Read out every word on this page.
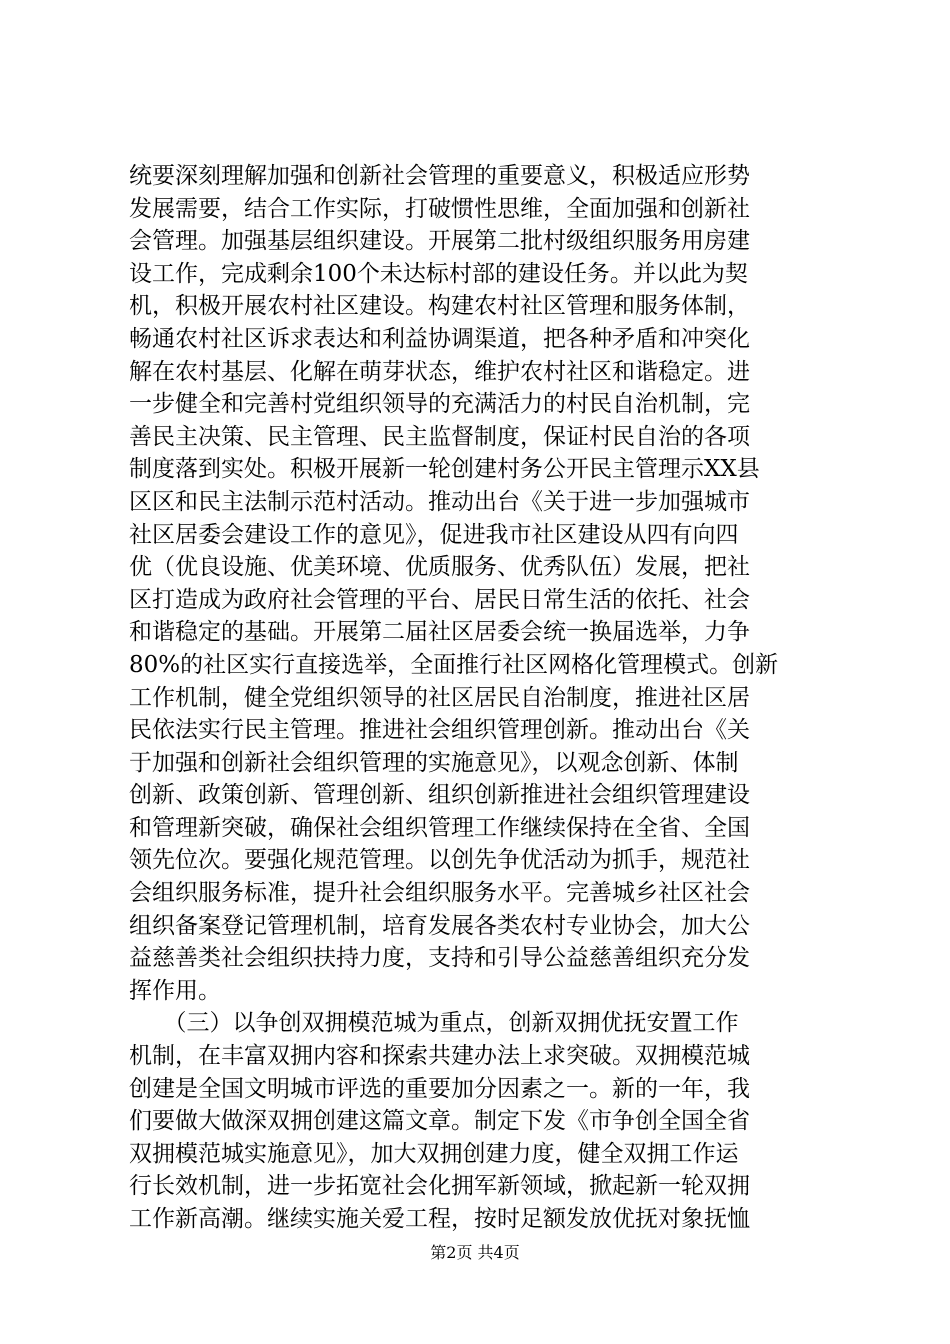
统要深刻理解加强和创新社会管理的重要意义，积极适应形势
发展需要，结合工作实际，打破惯性思维，全面加强和创新社
会管理。加强基层组织建设。开展第二批村级组织服务用房建
设工作，完成剩余100个未达标村部的建设任务。并以此为契
机，积极开展农村社区建设。构建农村社区管理和服务体制，
畅通农村社区诉求表达和利益协调渠道，把各种矛盾和冲突化
解在农村基层、化解在萌芽状态，维护农村社区和谐稳定。进
一步健全和完善村党组织领导的充满活力的村民自治机制，完
善民主决策、民主管理、民主监督制度，保证村民自治的各项
制度落到实处。积极开展新一轮创建村务公开民主管理示XX县
区区和民主法制示范村活动。推动出台《关于进一步加强城市
社区居委会建设工作的意见》，促进我市社区建设从四有向四
优（优良设施、优美环境、优质服务、优秀队伍）发展，把社
区打造成为政府社会管理的平台、居民日常生活的依托、社会
和谐稳定的基础。开展第二届社区居委会统一换届选举，力争
80%的社区实行直接选举，全面推行社区网格化管理模式。创新
工作机制，健全党组织领导的社区居民自治制度，推进社区居
民依法实行民主管理。推进社会组织管理创新。推动出台《关
于加强和创新社会组织管理的实施意见》，以观念创新、体制
创新、政策创新、管理创新、组织创新推进社会组织管理建设
和管理新突破，确保社会组织管理工作继续保持在全省、全国
领先位次。要强化规范管理。以创先争优活动为抓手，规范社
会组织服务标准，提升社会组织服务水平。完善城乡社区社会
组织备案登记管理机制，培育发展各类农村专业协会，加大公
益慈善类社会组织扶持力度，支持和引导公益慈善组织充分发
挥作用。
　　（三）以争创双拥模范城为重点，创新双拥优抚安置工作
机制，在丰富双拥内容和探索共建办法上求突破。双拥模范城
创建是全国文明城市评选的重要加分因素之一。新的一年，我
们要做大做深双拥创建这篇文章。制定下发《市争创全国全省
双拥模范城实施意见》，加大双拥创建力度，健全双拥工作运
行长效机制，进一步拓宽社会化拥军新领域，掀起新一轮双拥
工作新高潮。继续实施关爱工程，按时足额发放优抚对象抚恤
第2页 共4页
